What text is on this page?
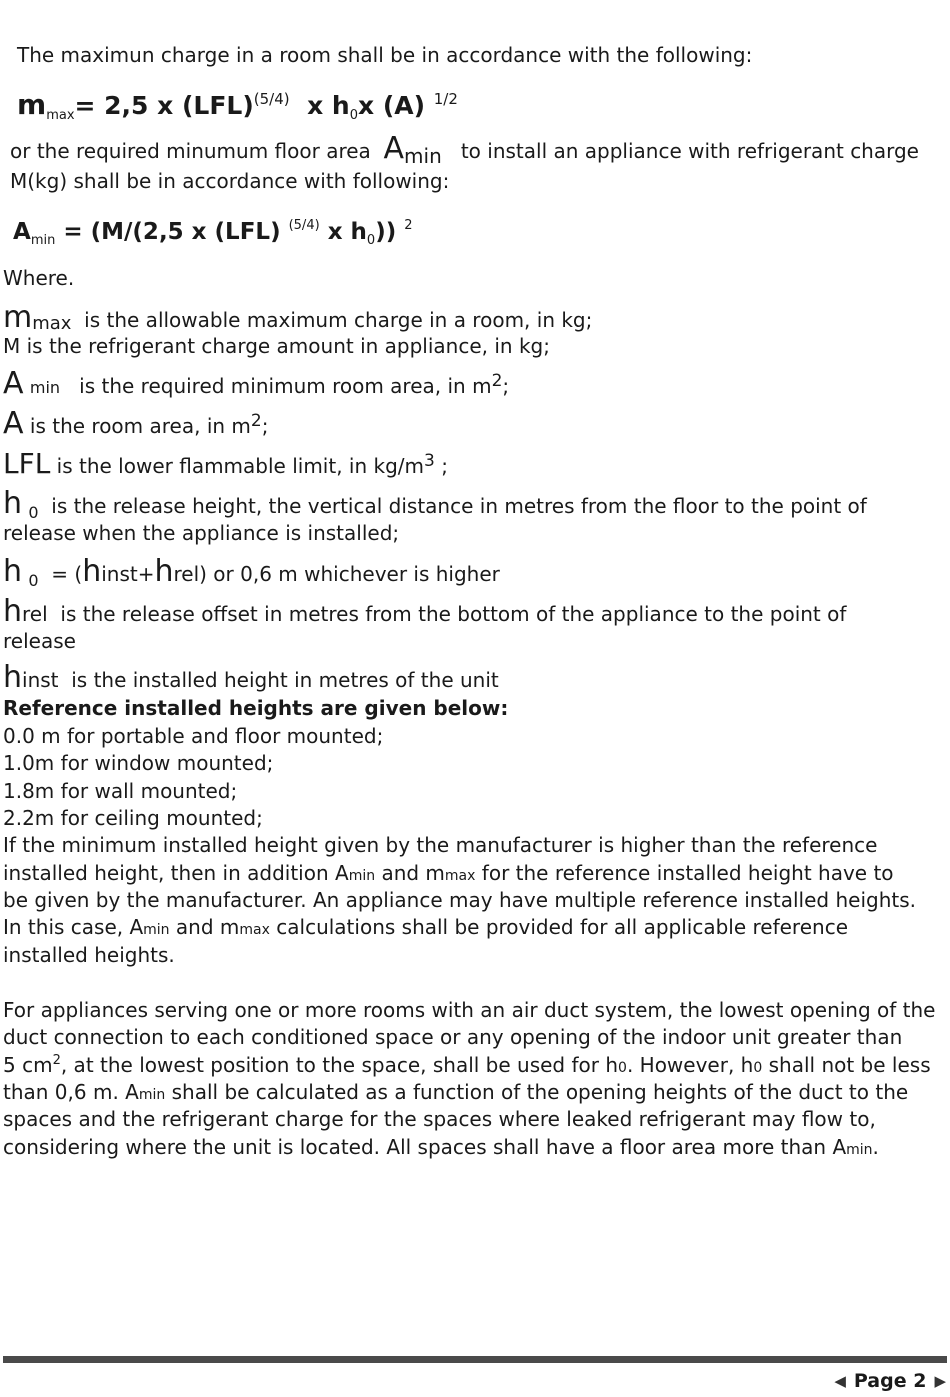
The maximun charge in a room shall be in accordance with the following:
$m_{max}= 2,5$ x (LFL)$^{(5/4)}$ x $h_0x$ (A) $^{1/2}$
or the required minumum floor area Amin to install an appliance with refrigerant charge
M(kg) shall be in accordance with following:
$A_{min} = (M/(2,5$ x (LFL) $^{(5/4)}$ x $h_0$)) $^2$
Where.
mmax is the allowable maximum charge in a room, in kg;
M is the refrigerant charge amount in appliance, in kg;
A min is the required minimum room area, in $m^2$;
A is the room area, in $m^2$;
LFL is the lower flammable limit, in $kg/m^3$ ;
h $_0$ is the release height, the vertical distance in metres from the floor to the point of
release when the appliance is installed;
h $_0$ = (hinst+hrel) or 0,6 m whichever is higher
hrel is the release offset in metres from the bottom of the appliance to the point of
release
hinst is the installed height in metres of the unit
Reference installed heights are given below:
0.0 m for portable and floor mounted;
1.0m for window mounted;
1.8m for wall mounted;
2.2m for ceiling mounted;
If the minimum installed height given by the manufacturer is higher than the reference
installed height, then in addition Amin and mmax for the reference installed height have to
be given by the manufacturer. An appliance may have multiple reference installed heights.
In this case, Amin and mmax calculations shall be provided for all applicable reference
installed heights.
For appliances serving one or more rooms with an air duct system, the lowest opening of the
duct connection to each conditioned space or any opening of the indoor unit greater than
5 $cm^2$, at the lowest position to the space, shall be used for h0. However, h0 shall not be less
than 0,6 m. Amin shall be calculated as a function of the opening heights of the duct to the
spaces and the refrigerant charge for the spaces where leaked refrigerant may flow to,
considering where the unit is located. All spaces shall have a floor area more than Amin.
◀ Page 2 ▶
